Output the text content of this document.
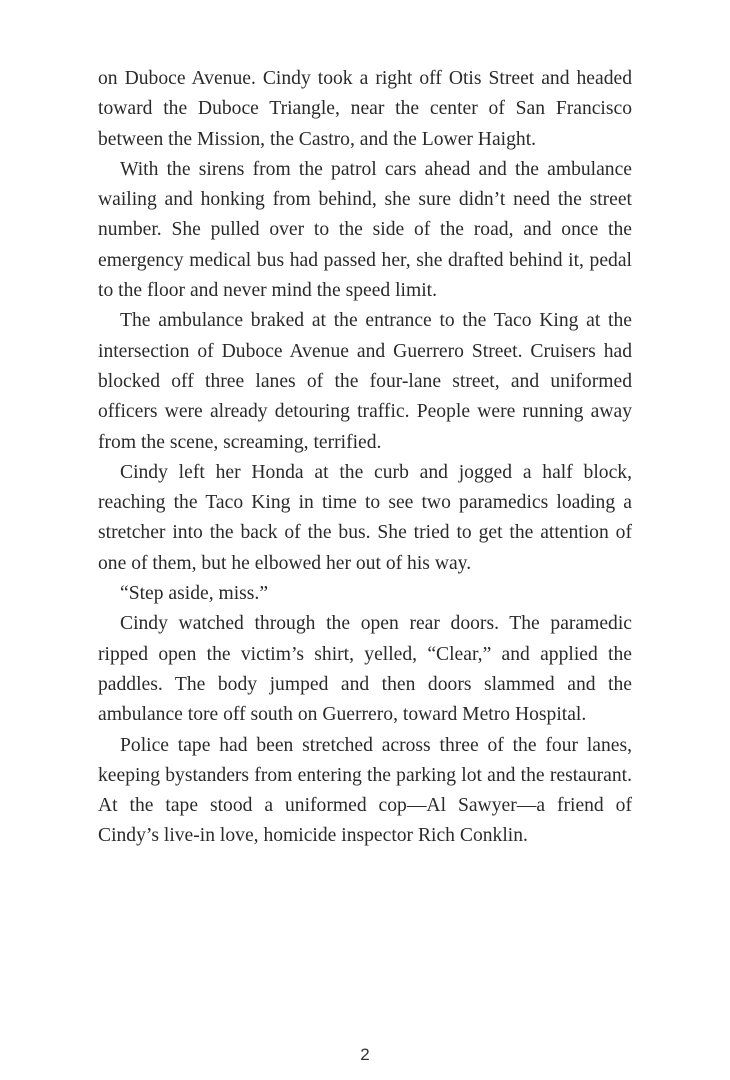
on Duboce Avenue. Cindy took a right off Otis Street and headed toward the Duboce Triangle, near the center of San Francisco between the Mission, the Castro, and the Lower Haight.

With the sirens from the patrol cars ahead and the ambulance wailing and honking from behind, she sure didn’t need the street number. She pulled over to the side of the road, and once the emergency medical bus had passed her, she drafted behind it, pedal to the floor and never mind the speed limit.

The ambulance braked at the entrance to the Taco King at the intersection of Duboce Avenue and Guerrero Street. Cruisers had blocked off three lanes of the four-lane street, and uniformed officers were already detouring traffic. People were running away from the scene, screaming, terrified.

Cindy left her Honda at the curb and jogged a half block, reaching the Taco King in time to see two paramedics loading a stretcher into the back of the bus. She tried to get the attention of one of them, but he elbowed her out of his way.

“Step aside, miss.”

Cindy watched through the open rear doors. The paramedic ripped open the victim’s shirt, yelled, “Clear,” and applied the paddles. The body jumped and then doors slammed and the ambulance tore off south on Guerrero, toward Metro Hospital.

Police tape had been stretched across three of the four lanes, keeping bystanders from entering the parking lot and the restaurant. At the tape stood a uniformed cop—Al Sawyer—a friend of Cindy’s live-in love, homicide inspector Rich Conklin.

2
